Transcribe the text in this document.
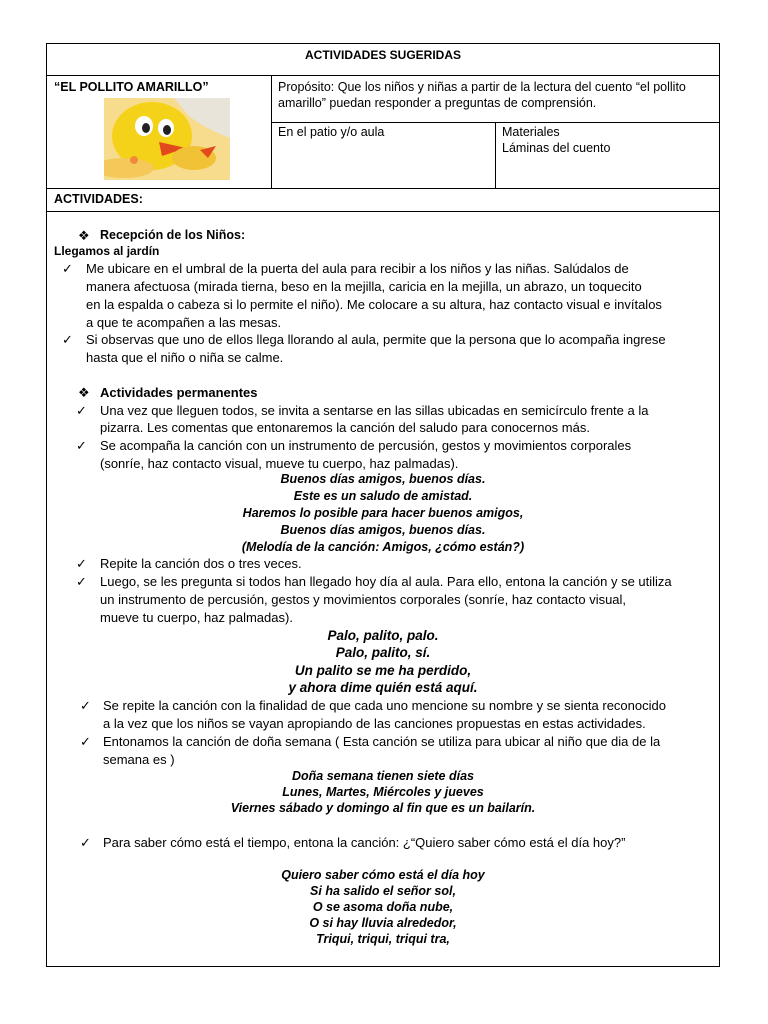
ACTIVIDADES SUGERIDAS
“EL POLLITO AMARILLO”	Propósito: Que los niños y niñas a partir de la lectura del cuento “el pollito
amarillo” puedan responder a preguntas de comprensión.
En el patio y/o aula	Materiales
Láminas del cuento
ACTIVIDADES:
❖ Recepción de los Niños:
Llegamos al jardín
✓ Me ubicare en el umbral de la puerta del aula para recibir a los niños y las niñas. Salúdalos de
manera afectuosa (mirada tierna, beso en la mejilla, caricia en la mejilla, un abrazo, un toquecito
en la espalda o cabeza si lo permite el niño). Me colocare a su altura, haz contacto visual e invítalos
a que te acompañen a las mesas.
✓ Si observas que uno de ellos llega llorando al aula, permite que la persona que lo acompaña ingrese
hasta que el niño o niña se calme.
❖ Actividades permanentes
✓ Una vez que lleguen todos, se invita a sentarse en las sillas ubicadas en semicírculo frente a la
pizarra. Les comentas que entonaremos la canción del saludo para conocernos más.
✓ Se acompaña la canción con un instrumento de percusión, gestos y movimientos corporales
(sonríe, haz contacto visual, mueve tu cuerpo, haz palmadas).
Buenos días amigos, buenos días.
Este es un saludo de amistad.
Haremos lo posible para hacer buenos amigos,
Buenos días amigos, buenos días.
(Melodía de la canción: Amigos, ¿cómo están?)
✓ Repite la canción dos o tres veces.
✓ Luego, se les pregunta si todos han llegado hoy día al aula. Para ello, entona la canción y se utiliza
un instrumento de percusión, gestos y movimientos corporales (sonríe, haz contacto visual,
mueve tu cuerpo, haz palmadas).
Palo, palito, palo.
Palo, palito, sí.
Un palito se me ha perdido,
y ahora dime quién está aquí.
✓ Se repite la canción con la finalidad de que cada uno mencione su nombre y se sienta reconocido
a la vez que los niños se vayan apropiando de las canciones propuestas en estas actividades.
✓ Entonamos la canción de doña semana ( Esta canción se utiliza para ubicar al niño que dia de la
semana es )
Doña semana tienen siete días
Lunes, Martes, Miércoles y jueves
Viernes sábado y domingo al fin que es un bailarín.
✓ Para saber cómo está el tiempo, entona la canción: ¿“Quiero saber cómo está el día hoy?”
Quiero saber cómo está el día hoy
Si ha salido el señor sol,
O se asoma doña nube,
O si hay lluvia alrededor,
Triqui, triqui, triqui tra,
